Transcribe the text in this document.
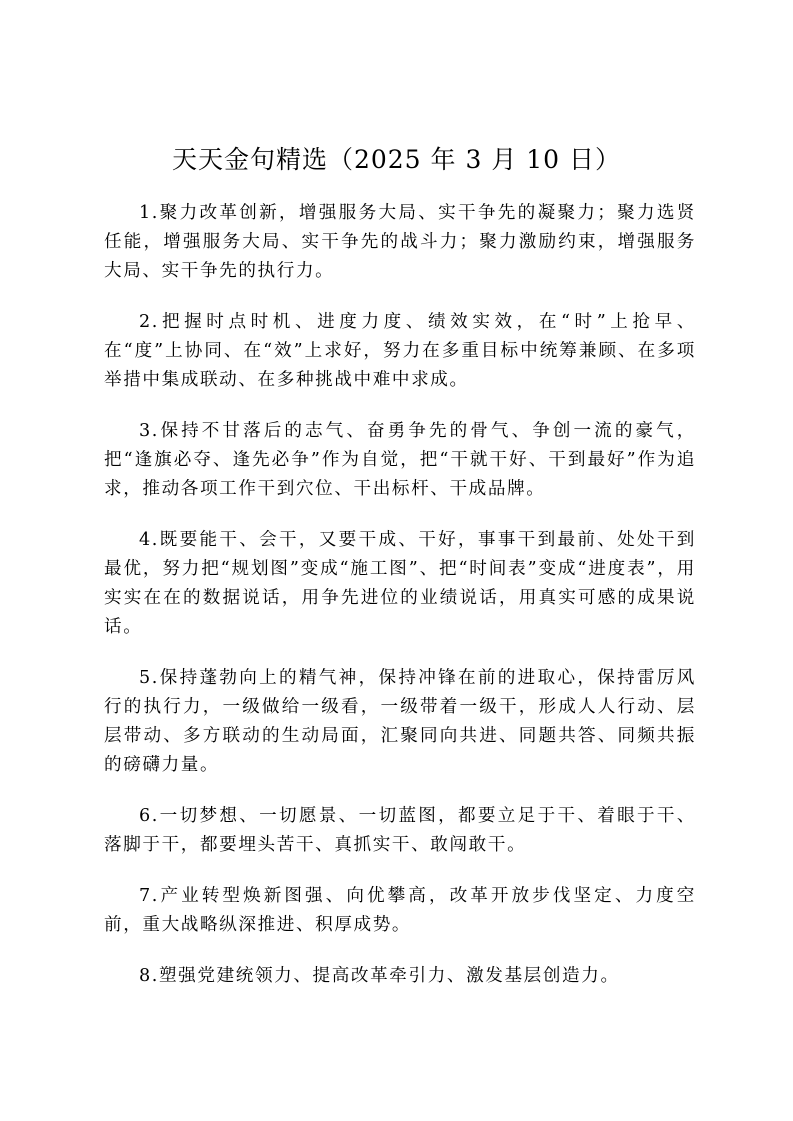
天天金句精选（2025 年 3 月 10 日）

1.聚力改革创新，增强服务大局、实干争先的凝聚力；聚力选贤任能，增强服务大局、实干争先的战斗力；聚力激励约束，增强服务大局、实干争先的执行力。

2.把握时点时机、进度力度、绩效实效，在“时”上抢早、在“度”上协同、在“效”上求好，努力在多重目标中统筹兼顾、在多项举措中集成联动、在多种挑战中难中求成。

3.保持不甘落后的志气、奋勇争先的骨气、争创一流的豪气，把“逢旗必夺、逢先必争”作为自觉，把“干就干好、干到最好”作为追求，推动各项工作干到穴位、干出标杆、干成品牌。

4.既要能干、会干，又要干成、干好，事事干到最前、处处干到最优，努力把“规划图”变成“施工图”、把“时间表”变成“进度表”，用实实在在的数据说话，用争先进位的业绩说话，用真实可感的成果说话。

5.保持蓬勃向上的精气神，保持冲锋在前的进取心，保持雷厉风行的执行力，一级做给一级看，一级带着一级干，形成人人行动、层层带动、多方联动的生动局面，汇聚同向共进、同题共答、同频共振的磅礴力量。

6.一切梦想、一切愿景、一切蓝图，都要立足于干、着眼于干、落脚于干，都要埋头苦干、真抓实干、敢闯敢干。

7.产业转型焕新图强、向优攀高，改革开放步伐坚定、力度空前，重大战略纵深推进、积厚成势。

8.塑强党建统领力、提高改革牵引力、激发基层创造力。
